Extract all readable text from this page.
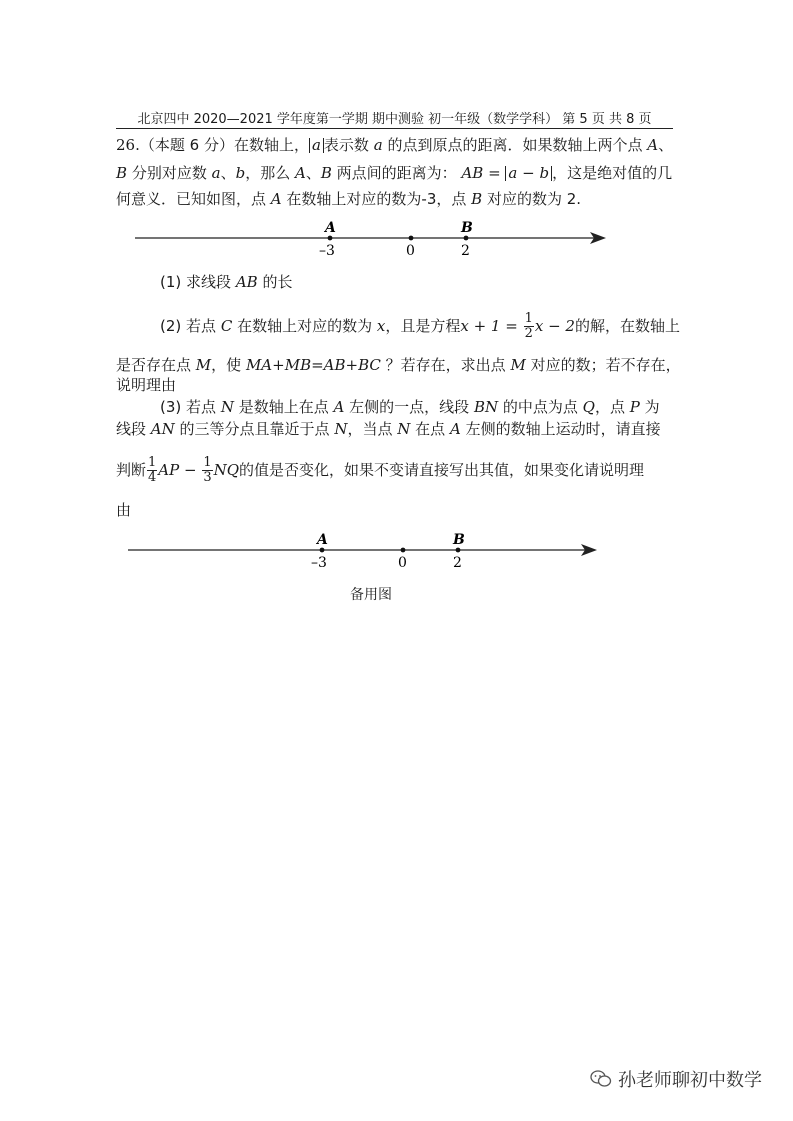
北京四中 2020—2021 学年度第一学期 期中测验 初一年级（数学学科） 第 5 页 共 8 页
26.（本题 6 分）在数轴上， a 表示数 a 的点到原点的距离．如果数轴上两个点 A、
B 分别对应数 a、b，那么 A、B 两点间的距离为： AB = a − b ，这是绝对值的几
何意义．已知如图，点 A 在数轴上对应的数为-3，点 B 对应的数为 2.
A	B
–3	0	2
A	B
–3	0	2
(1) 求线段 AB 的长
(2) 若点 C 在数轴上对应的数为 x，且是方程$x + 1 = \frac{1}{2}$ x − 2的解，在数轴上
是否存在点 M，使 MA+MB=AB+BC ？若存在，求出点 M 对应的数；若不存在，
说明理由
(3) 若点 N 是数轴上在点 A 左侧的一点，线段 BN 的中点为点 Q，点 P 为
线段 AN 的三等分点且靠近于点 N，当点 N 在点 A 左侧的数轴上运动时，请直接
判断 $\frac{1}{4}$ AP − $\frac{1}{3}$ NQ的值是否变化，如果不变请直接写出其值，如果变化请说明理
由
备用图
孙老师聊初中数学
